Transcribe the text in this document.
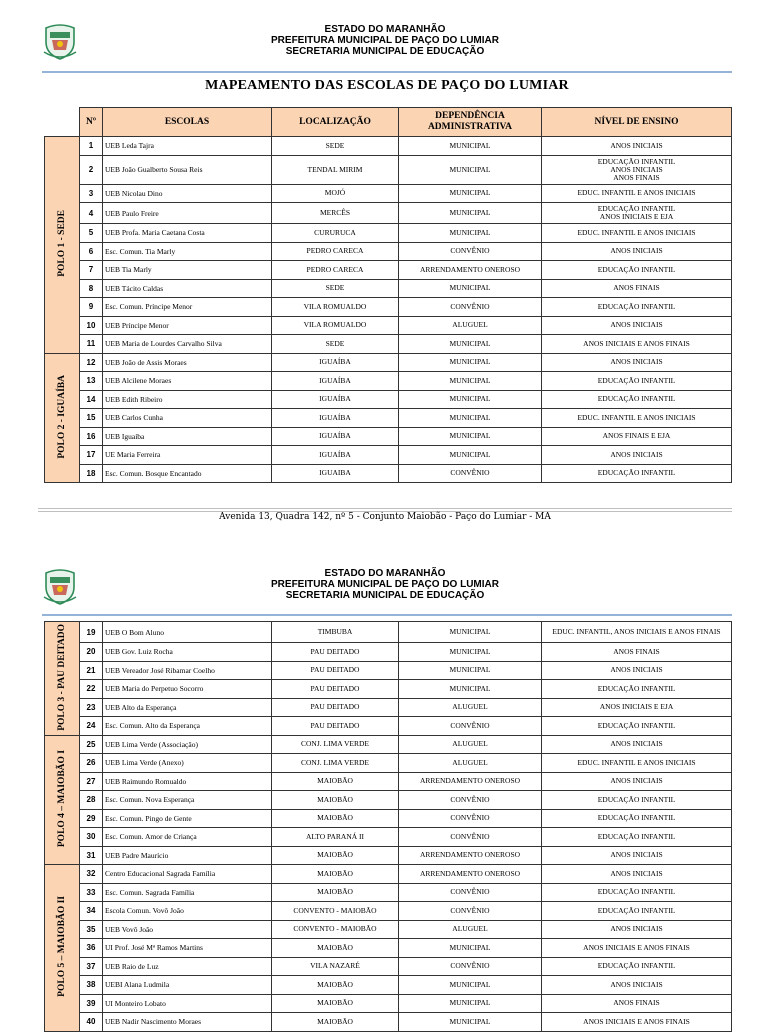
ESTADO DO MARANHÃO
PREFEITURA MUNICIPAL DE PAÇO DO LUMIAR
SECRETARIA MUNICIPAL DE EDUCAÇÃO
MAPEAMENTO DAS ESCOLAS DE PAÇO DO LUMIAR
	Nº	ESCOLAS	LOCALIZAÇÃO	DEPENDÊNCIA ADMINISTRATIVA	NÍVEL DE ENSINO
POLO 1 - SEDE	1	UEB Leda Tajra	SEDE	MUNICIPAL	ANOS INICIAIS
	2	UEB João Gualberto Sousa Reis	TENDAL MIRIM	MUNICIPAL	EDUCAÇÃO INFANTIL
ANOS INICIAIS
ANOS FINAIS
	3	UEB Nicolau Dino	MOJÓ	MUNICIPAL	EDUC. INFANTIL E ANOS INICIAIS
	4	UEB Paulo Freire	MERCÊS	MUNICIPAL	EDUCAÇÃO INFANTIL
ANOS INICIAIS E EJA
	5	UEB Profa. Maria Caetana Costa	CURURUCA	MUNICIPAL	EDUC. INFANTIL E ANOS INICIAIS
	6	Esc. Comun. Tia Marly	PEDRO CARECA	CONVÊNIO	ANOS INICIAIS
	7	UEB Tia Marly	PEDRO CARECA	ARRENDAMENTO ONEROSO	EDUCAÇÃO INFANTIL
	8	UEB Tácito Caldas	SEDE	MUNICIPAL	ANOS FINAIS
	9	Esc. Comun. Príncipe Menor	VILA ROMUALDO	CONVÊNIO	EDUCAÇÃO INFANTIL
	10	UEB Príncipe Menor	VILA ROMUALDO	ALUGUEL	ANOS INICIAIS
	11	UEB Maria de Lourdes Carvalho Silva	SEDE	MUNICIPAL	ANOS INICIAIS E ANOS FINAIS
POLO 2 - IGUAÍBA	12	UEB João de Assis Moraes	IGUAÍBA	MUNICIPAL	ANOS INICIAIS
	13	UEB Alcilene Moraes	IGUAÍBA	MUNICIPAL	EDUCAÇÃO INFANTIL
	14	UEB Edith Ribeiro	IGUAÍBA	MUNICIPAL	EDUCAÇÃO INFANTIL
	15	UEB Carlos Cunha	IGUAÍBA	MUNICIPAL	EDUC. INFANTIL E ANOS INICIAIS
	16	UEB Iguaíba	IGUAÍBA	MUNICIPAL	ANOS FINAIS E EJA
	17	UE Maria Ferreira	IGUAÍBA	MUNICIPAL	ANOS INICIAIS
	18	Esc. Comun. Bosque Encantado	IGUAIBA	CONVÊNIO	EDUCAÇÃO INFANTIL
Avenida 13, Quadra 142, nº 5 - Conjunto Maiobão - Paço do Lumiar - MA
ESTADO DO MARANHÃO
PREFEITURA MUNICIPAL DE PAÇO DO LUMIAR
SECRETARIA MUNICIPAL DE EDUCAÇÃO
POLO 3 - PAU DEITADO	19	UEB O Bom Aluno	TIMBUBA	MUNICIPAL	EDUC. INFANTIL, ANOS INICIAIS E ANOS FINAIS
	20	UEB Gov. Luiz Rocha	PAU DEITADO	MUNICIPAL	ANOS FINAIS
	21	UEB Vereador José Ribamar Coelho	PAU DEITADO	MUNICIPAL	ANOS INICIAIS
	22	UEB Maria do Perpetuo Socorro	PAU DEITADO	MUNICIPAL	EDUCAÇÃO INFANTIL
	23	UEB Alto da Esperança	PAU DEITADO	ALUGUEL	ANOS INICIAIS E EJA
	24	Esc. Comun. Alto da Esperança	PAU DEITADO	CONVÊNIO	EDUCAÇÃO INFANTIL
POLO 4 – MAIOBÃO I	25	UEB Lima Verde (Associação)	CONJ. LIMA VERDE	ALUGUEL	ANOS INICIAIS
	26	UEB Lima Verde (Anexo)	CONJ. LIMA VERDE	ALUGUEL	EDUC. INFANTIL E ANOS INICIAIS
	27	UEB Raimundo Romualdo	MAIOBÃO	ARRENDAMENTO ONEROSO	ANOS INICIAIS
	28	Esc. Comun. Nova Esperança	MAIOBÃO	CONVÊNIO	EDUCAÇÃO INFANTIL
	29	Esc. Comun. Pingo de Gente	MAIOBÃO	CONVÊNIO	EDUCAÇÃO INFANTIL
	30	Esc. Comun. Amor de Criança	ALTO PARANÁ II	CONVÊNIO	EDUCAÇÃO INFANTIL
	31	UEB Padre Maurício	MAIOBÃO	ARRENDAMENTO ONEROSO	ANOS INICIAIS
POLO 5 – MAIOBÃO II	32	Centro Educacional Sagrada Família	MAIOBÃO	ARRENDAMENTO ONEROSO	ANOS INICIAIS
	33	Esc. Comun. Sagrada Família	MAIOBÃO	CONVÊNIO	EDUCAÇÃO INFANTIL
	34	Escola Comun. Vovô João	CONVENTO - MAIOBÃO	CONVÊNIO	EDUCAÇÃO INFANTIL
	35	UEB Vovô João	CONVENTO - MAIOBÃO	ALUGUEL	ANOS INICIAIS
	36	UI Prof. José Mª Ramos Martins	MAIOBÃO	MUNICIPAL	ANOS INICIAIS E ANOS FINAIS
	37	UEB Raio de Luz	VILA NAZARÉ	CONVÊNIO	EDUCAÇÃO INFANTIL
	38	UEBI Alana Ludmila	MAIOBÃO	MUNICIPAL	ANOS INICIAIS
	39	UI Monteiro Lobato	MAIOBÃO	MUNICIPAL	ANOS FINAIS
	40	UEB Nadir Nascimento Moraes	MAIOBÃO	MUNICIPAL	ANOS INICIAIS E ANOS FINAIS
